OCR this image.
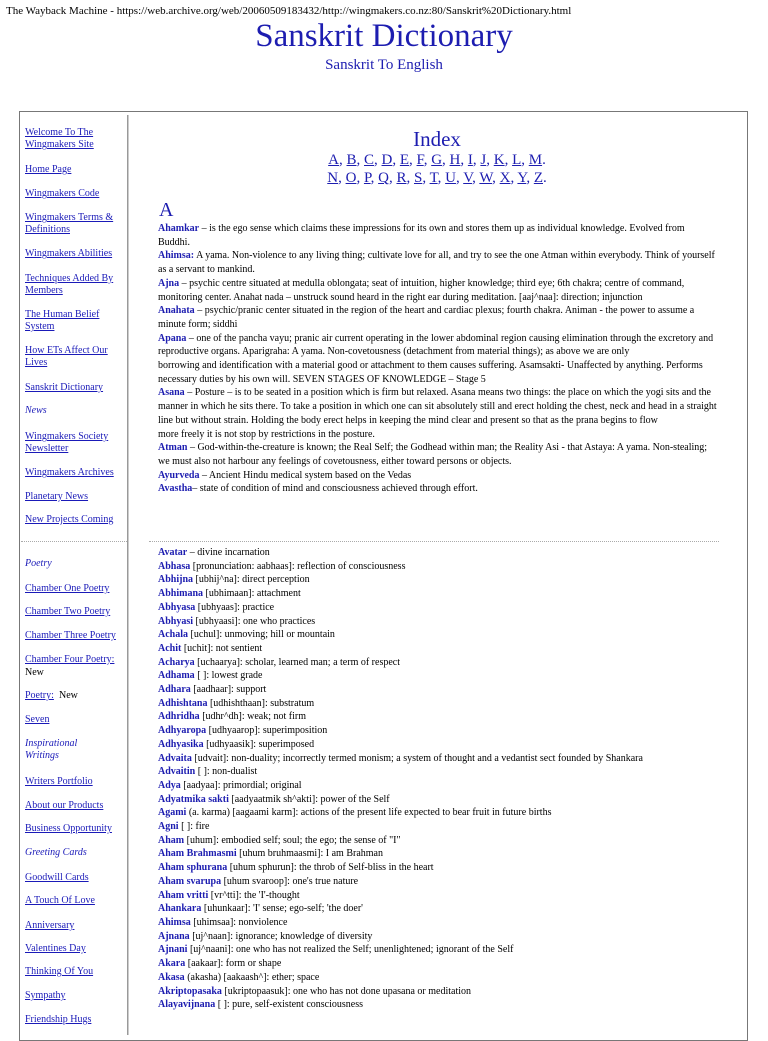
The Wayback Machine - https://web.archive.org/web/20060509183432/http://wingmakers.co.nz:80/Sanskrit%20Dictionary.html
Sanskrit Dictionary
Sanskrit To English
Welcome To The Wingmakers Site
Home Page
Wingmakers Code
Wingmakers Terms & Definitions
Wingmakers Abilities
Techniques Added By Members
The Human Belief System
How ETs Affect Our Lives
Sanskrit Dictionary
News
Wingmakers Society Newsletter
Wingmakers Archives
Planetary News
New Projects Coming
Poetry
Chamber One Poetry
Chamber Two Poetry
Chamber Three Poetry
Chamber Four Poetry:
New
Poetry: New
Seven
Inspirational Writings
Writers Portfolio
About our Products
Business Opportunity
Greeting Cards
Goodwill Cards
A Touch Of Love
Anniversary
Valentines Day
Thinking Of You
Sympathy
Friendship Hugs
Index
A, B, C, D, E, F, G, H, I, J, K, L, M.
N, O, P, Q, R, S, T, U, V, W, X, Y, Z.
A

Ahamkar – is the ego sense which claims these impressions for its own and stores them up as individual knowledge. Evolved from Buddhi.

Ahimsa: A yama. Non-violence to any living thing; cultivate love for all, and try to see the one Atman within everybody. Think of yourself as a servant to mankind.

Ajna – psychic centre situated at medulla oblongata; seat of intuition, higher knowledge; third eye; 6th chakra; centre of command, monitoring center. Anahat nada – unstruck sound heard in the right ear during meditation. [aaj^naa]: direction; injunction

Anahata – psychic/pranic center situated in the region of the heart and cardiac plexus; fourth chakra. Animan - the power to assume a minute form; siddhi

Apana – one of the pancha vayu; pranic air current operating in the lower abdominal region causing elimination through the excretory and reproductive organs. Aparigraha: A yama. Non-covetousness (detachment from material things); as above we are only

borrowing and identification with a material good or attachment to them causes suffering. Asamsakti- Unaffected by anything. Performs necessary duties by his own will. SEVEN STAGES OF KNOWLEDGE – Stage 5

Asana – Posture – is to be seated in a position which is firm but relaxed. Asana means two things: the place on which the yogi sits and the manner in which he sits there. To take a position in which one can sit absolutely still and erect holding the chest, neck and head in a straight line but without strain. Holding the body erect helps in keeping the mind clear and present so that as the prana begins to flow

more freely it is not stop by restrictions in the posture.

Atman – God-within-the-creature is known; the Real Self; the Godhead within man; the Reality Asi - that Astaya: A yama. Non-stealing; we must also not harbour any feelings of covetousness, either toward persons or objects.

Ayurveda – Ancient Hindu medical system based on the Vedas

Avastha– state of condition of mind and consciousness achieved through effort.

Avatar – divine incarnation

Abhasa [pronunciation: aabhaas]: reflection of consciousness

Abhijna [ubhij^na]: direct perception

Abhimana [ubhimaan]: attachment

Abhyasa [ubhyaas]: practice

Abhyasi [ubhyaasi]: one who practices

Achala [uchul]: unmoving; hill or mountain

Achit [uchit]: not sentient

Acharya [uchaarya]: scholar, learned man; a term of respect

Adhama [ ]: lowest grade

Adhara [aadhaar]: support

Adhishtana [udhishthaan]: substratum

Adhridha [udhr^dh]: weak; not firm

Adhyaropa [udhyaarop]: superimposition

Adhyasika [udhyaasik]: superimposed

Advaita [udvait]: non-duality; incorrectly termed monism; a system of thought and a vedantist sect founded by Shankara

Advaitin [ ]: non-dualist

Adya [aadyaa]: primordial; original

Adyatmika sakti [aadyaatmik sh^akti]: power of the Self

Agami (a. karma) [aagaami karm]: actions of the present life expected to bear fruit in future births

Agni [ ]: fire

Aham [uhum]: embodied self; soul; the ego; the sense of "I"

Aham Brahmasmi [uhum bruhmaasmi]: I am Brahman

Aham sphurana [uhum sphurun]: the throb of Self-bliss in the heart

Aham svarupa [uhum svaroop]: one's true nature

Aham vritti [vr^tti]: the 'I'-thought

Ahankara [uhunkaar]: 'I' sense; ego-self; 'the doer'

Ahimsa [uhimsaa]: nonviolence

Ajnana [uj^naan]: ignorance; knowledge of diversity

Ajnani [uj^naani]: one who has not realized the Self; unenlightened; ignorant of the Self

Akara [aakaar]: form or shape

Akasa (akasha) [aakaash^]: ether; space

Akriptopasaka [ukriptopaasuk]: one who has not done upasana or meditation

Alayavijnana [ ]: pure, self-existent consciousness
